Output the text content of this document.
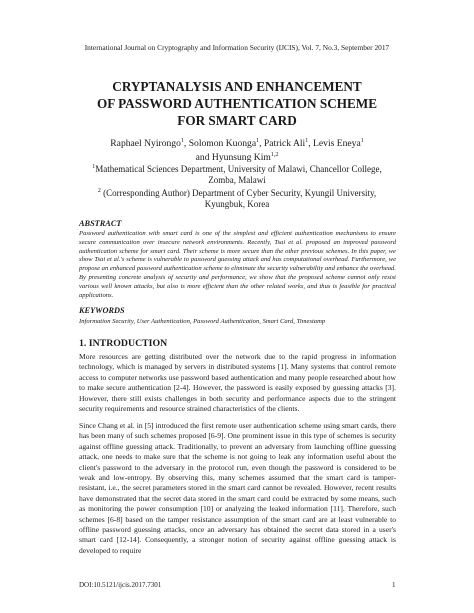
International Journal on Cryptography and Information Security (IJCIS), Vol. 7, No.3, September 2017
CRYPTANALYSIS AND ENHANCEMENT
OF PASSWORD AUTHENTICATION SCHEME
FOR SMART CARD
Raphael Nyirongo$^1$, Solomon Kuonga$^1$, Patrick Ali$^1$, Levis Eneya$^1$
and Hyunsung Kim$^{1,2}$
$^1$Mathematical Sciences Department, University of Malawi, Chancellor College,
Zomba, Malawi
$^2$ (Corresponding Author) Department of Cyber Security, Kyungil University,
Kyungbuk, Korea
ABSTRACT
Password authentication with smart card is one of the simplest and efficient authentication mechanisms to ensure secure communication over insecure network environments. Recently, Tsai et al. proposed an improved password authentication scheme for smart card. Their scheme is more secure than the other previous schemes. In this paper, we show Tsai et al.'s scheme is vulnerable to password guessing attack and has computational overhead. Furthermore, we propose an enhanced password authentication scheme to eliminate the security vulnerability and enhance the overhead. By presenting concrete analysis of security and performance, we show that the proposed scheme cannot only resist various well known attacks, but also is more efficient than the other related works, and thus is feasible for practical applications.
KEYWORDS
Information Security, User Authentication, Password Authentication, Smart Card, Timestamp
1. INTRODUCTION
More resources are getting distributed over the network due to the rapid progress in information technology, which is managed by servers in distributed systems [1]. Many systems that control remote access to computer networks use password based authentication and many people researched about how to make secure authentication [2-4]. However, the password is easily exposed by guessing attacks [3]. However, there still exists challenges in both security and performance aspects due to the stringent security requirements and resource strained characteristics of the clients.
Since Chang et al. in [5] introduced the first remote user authentication scheme using smart cards, there has been many of such schemes proposed [6-9]. One prominent issue in this type of schemes is security against offline guessing attack. Traditionally, to prevent an adversary from launching offline guessing attack, one needs to make sure that the scheme is not going to leak any information useful about the client's password to the adversary in the protocol run, even though the password is considered to be weak and low-entropy. By observing this, many schemes assumed that the smart card is tamper-resistant, i.e., the secret parameters stored in the smart card cannot be revealed. However, recent results have demonstrated that the secret data stored in the smart card could be extracted by some means, such as monitoring the power consumption [10] or analyzing the leaked information [11]. Therefore, such schemes [6-8] based on the tamper resistance assumption of the smart card are at least vulnerable to offline password guessing attacks, once an adversary has obtained the secret data stored in a user's smart card [12-14]. Consequently, a stronger notion of security against offline guessing attack is developed to require
DOI:10.5121/ijcis.2017.7301	1
